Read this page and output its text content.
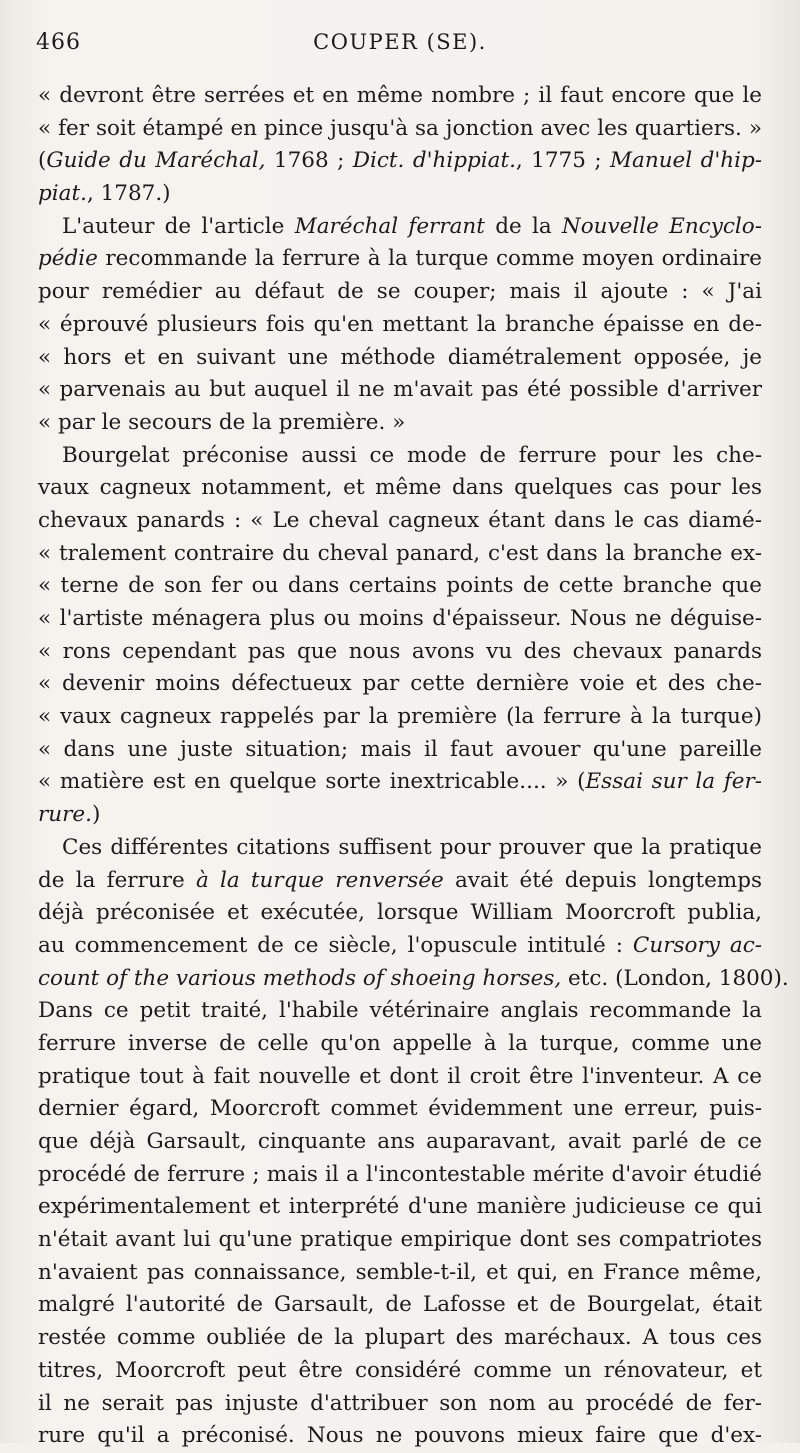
466	COUPER (SE).
« devront être serrées et en même nombre ; il faut encore que le
« fer soit étampé en pince jusqu'à sa jonction avec les quartiers. »
(Guide du Maréchal, 1768 ; Dict. d'hippiat., 1775 ; Manuel d'hip-
piat., 1787.)
L'auteur de l'article Maréchal ferrant de la Nouvelle Encyclo-
pédie recommande la ferrure à la turque comme moyen ordinaire
pour remédier au défaut de se couper; mais il ajoute : « J'ai
« éprouvé plusieurs fois qu'en mettant la branche épaisse en de-
« hors et en suivant une méthode diamétralement opposée, je
« parvenais au but auquel il ne m'avait pas été possible d'arriver
« par le secours de la première. »
Bourgelat préconise aussi ce mode de ferrure pour les che-
vaux cagneux notamment, et même dans quelques cas pour les
chevaux panards : « Le cheval cagneux étant dans le cas diamé-
« tralement contraire du cheval panard, c'est dans la branche ex-
« terne de son fer ou dans certains points de cette branche que
« l'artiste ménagera plus ou moins d'épaisseur. Nous ne déguise-
« rons cependant pas que nous avons vu des chevaux panards
« devenir moins défectueux par cette dernière voie et des che-
« vaux cagneux rappelés par la première (la ferrure à la turque)
« dans une juste situation; mais il faut avouer qu'une pareille
« matière est en quelque sorte inextricable.... » (Essai sur la fer-
rure.)
Ces différentes citations suffisent pour prouver que la pratique
de la ferrure à la turque renversée avait été depuis longtemps
déjà préconisée et exécutée, lorsque William Moorcroft publia,
au commencement de ce siècle, l'opuscule intitulé : Cursory ac-
count of the various methods of shoeing horses, etc. (London, 1800).
Dans ce petit traité, l'habile vétérinaire anglais recommande la
ferrure inverse de celle qu'on appelle à la turque, comme une
pratique tout à fait nouvelle et dont il croit être l'inventeur. A ce
dernier égard, Moorcroft commet évidemment une erreur, puis-
que déjà Garsault, cinquante ans auparavant, avait parlé de ce
procédé de ferrure ; mais il a l'incontestable mérite d'avoir étudié
expérimentalement et interprété d'une manière judicieuse ce qui
n'était avant lui qu'une pratique empirique dont ses compatriotes
n'avaient pas connaissance, semble-t-il, et qui, en France même,
malgré l'autorité de Garsault, de Lafosse et de Bourgelat, était
restée comme oubliée de la plupart des maréchaux. A tous ces
titres, Moorcroft peut être considéré comme un rénovateur, et
il ne serait pas injuste d'attribuer son nom au procédé de fer-
rure qu'il a préconisé. Nous ne pouvons mieux faire que d'ex-
